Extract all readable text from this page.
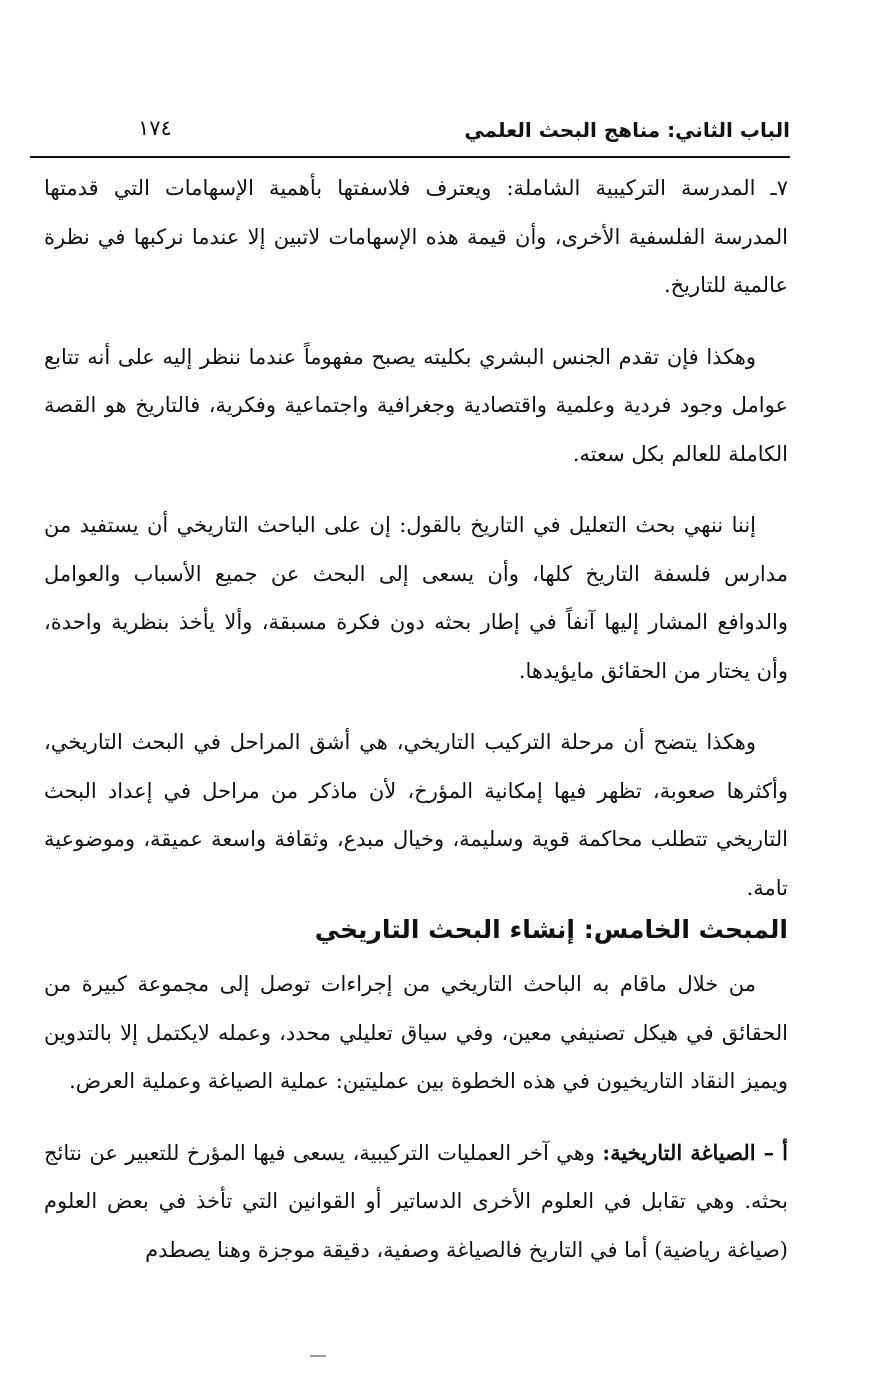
الباب الثاني: مناهج البحث العلمي
١٧٤

٧ـ المدرسة التركيبية الشاملة: ويعترف فلاسفتها بأهمية الإسهامات التي قدمتها المدرسة الفلسفية الأخرى، وأن قيمة هذه الإسهامات لاتبين إلا عندما نركبها في نظرة عالمية للتاريخ.

وهكذا فإن تقدم الجنس البشري بكليته يصبح مفهوماً عندما ننظر إليه على أنه تتابع عوامل وجود فردية وعلمية واقتصادية وجغرافية واجتماعية وفكرية، فالتاريخ هو القصة الكاملة للعالم بكل سعته.

إننا ننهي بحث التعليل في التاريخ بالقول: إن على الباحث التاريخي أن يستفيد من مدارس فلسفة التاريخ كلها، وأن يسعى إلى البحث عن جميع الأسباب والعوامل والدوافع المشار إليها آنفاً في إطار بحثه دون فكرة مسبقة، وألا يأخذ بنظرية واحدة، وأن يختار من الحقائق مايؤيدها.

وهكذا يتضح أن مرحلة التركيب التاريخي، هي أشق المراحل في البحث التاريخي، وأكثرها صعوبة، تظهر فيها إمكانية المؤرخ، لأن ماذكر من مراحل في إعداد البحث التاريخي تتطلب محاكمة قوية وسليمة، وخيال مبدع، وثقافة واسعة عميقة، وموضوعية تامة.

المبحث الخامس: إنشاء البحث التاريخي

من خلال ماقام به الباحث التاريخي من إجراءات توصل إلى مجموعة كبيرة من الحقائق في هيكل تصنيفي معين، وفي سياق تعليلي محدد، وعمله لايكتمل إلا بالتدوين ويميز النقاد التاريخيون في هذه الخطوة بين عمليتين: عملية الصياغة وعملية العرض.

أ – الصياغة التاريخية: وهي آخر العمليات التركيبية، يسعى فيها المؤرخ للتعبير عن نتائج بحثه. وهي تقابل في العلوم الأخرى الدساتير أو القوانين التي تأخذ في بعض العلوم (صياغة رياضية) أما في التاريخ فالصياغة وصفية، دقيقة موجزة وهنا يصطدم
